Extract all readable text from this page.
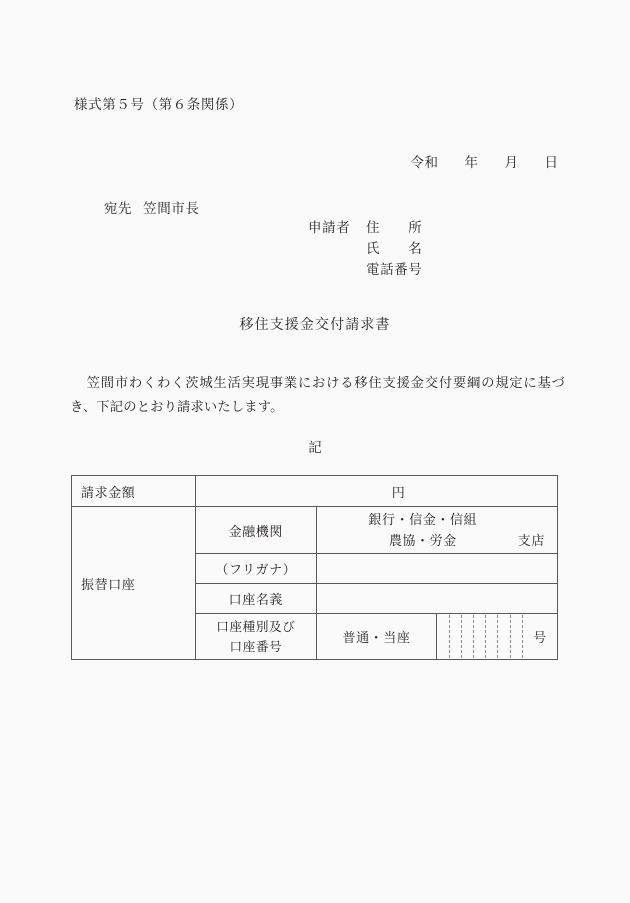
様式第５号（第６条関係）

令和 年 月 日

宛先 笠間市長

申請者 住　　所
氏　　名
電話番号
移住支援金交付請求書
笠間市わくわく茨城生活実現事業における移住支援金交付要綱の規定に基づき、下記のとおり請求いたします。
記
請求金額	円		

振替口座	金融機関	銀行・信金・信組
農協・労金 支店	

	（フリガナ）		
	口座名義		

	口座種別及び
口座番号	普通・当座	号
